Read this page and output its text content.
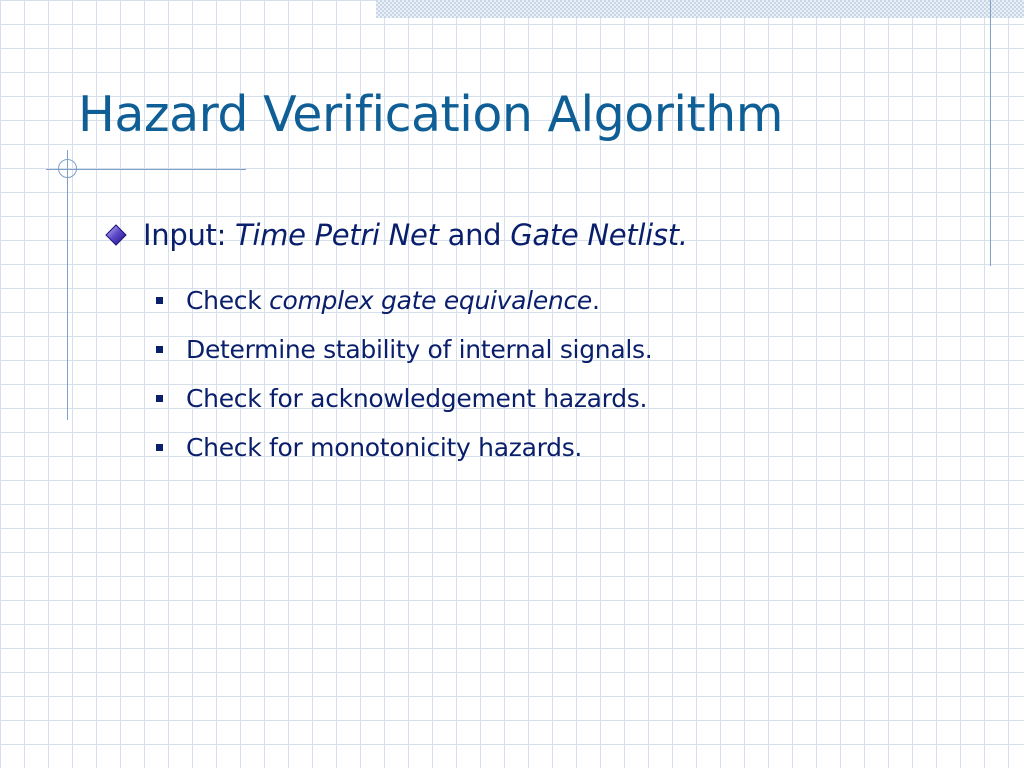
Hazard Verification Algorithm
Input: Time Petri Net and Gate Netlist.
Check complex gate equivalence.
Determine stability of internal signals.
Check for acknowledgement hazards.
Check for monotonicity hazards.
